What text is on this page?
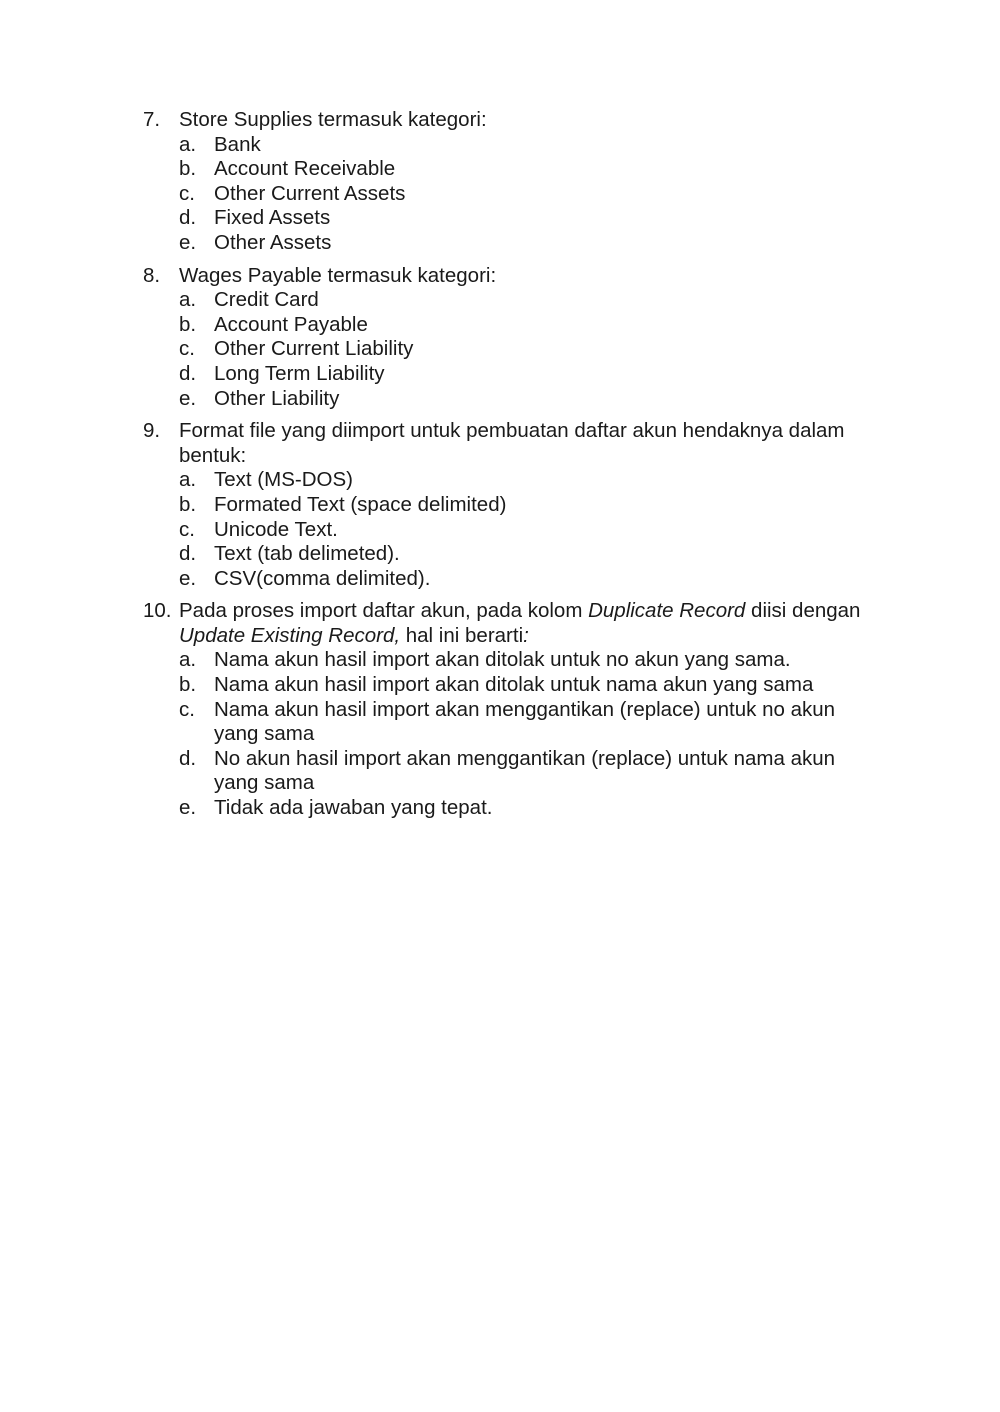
7. Store Supplies termasuk kategori:

a. Bank
b. Account Receivable
c. Other Current Assets
d. Fixed Assets
e. Other Assets
8. Wages Payable termasuk kategori:

a. Credit Card
b. Account Payable
c. Other Current Liability
d. Long Term Liability
e. Other Liability
9. Format file yang diimport untuk pembuatan daftar akun hendaknya dalam bentuk:

a. Text (MS-DOS)
b. Formated Text (space delimited)
c. Unicode Text.
d. Text (tab delimeted).
e. CSV(comma delimited).
10. Pada proses import daftar akun, pada kolom Duplicate Record diisi dengan
Update Existing Record, hal ini berarti:

a. Nama akun hasil import akan ditolak untuk no akun yang sama.
b. Nama akun hasil import akan ditolak untuk nama akun yang sama
c. Nama akun hasil import akan menggantikan (replace) untuk no akun yang sama
d. No akun hasil import akan menggantikan (replace) untuk nama akun yang sama
e. Tidak ada jawaban yang tepat.
